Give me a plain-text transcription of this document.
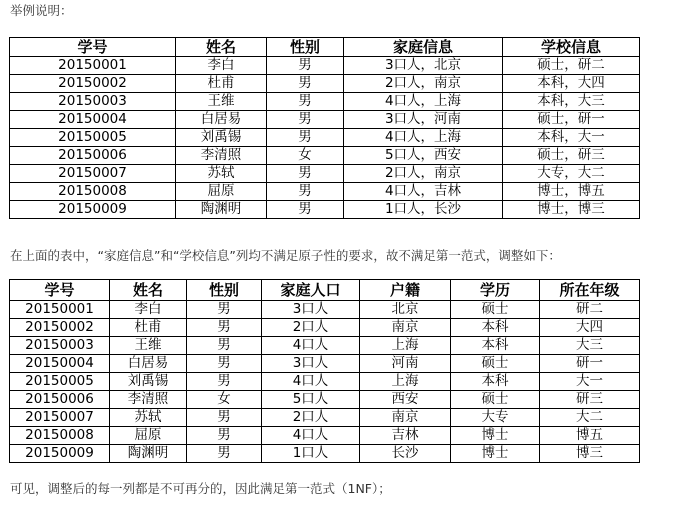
举例说明：
学号	姓名	性别	家庭信息	学校信息
20150001	李白	男	3口人，北京	硕士，研二
20150002	杜甫	男	2口人，南京	本科，大四
20150003	王维	男	4口人，上海	本科，大三
20150004	白居易	男	3口人，河南	硕士，研一
20150005	刘禹锡	男	4口人，上海	本科，大一
20150006	李清照	女	5口人，西安	硕士，研三
20150007	苏轼	男	2口人，南京	大专，大二
20150008	屈原	男	4口人，吉林	博士，博五
20150009	陶渊明	男	1口人，长沙	博士，博三
在上面的表中，“家庭信息”和“学校信息”列均不满足原子性的要求，故不满足第一范式，调整如下：
学号	姓名	性别	家庭人口	户籍	学历	所在年级
20150001	李白	男	3口人	北京	硕士	研二
20150002	杜甫	男	2口人	南京	本科	大四
20150003	王维	男	4口人	上海	本科	大三
20150004	白居易	男	3口人	河南	硕士	研一
20150005	刘禹锡	男	4口人	上海	本科	大一
20150006	李清照	女	5口人	西安	硕士	研三
20150007	苏轼	男	2口人	南京	大专	大二
20150008	屈原	男	4口人	吉林	博士	博五
20150009	陶渊明	男	1口人	长沙	博士	博三
可见，调整后的每一列都是不可再分的，因此满足第一范式（1NF）；
